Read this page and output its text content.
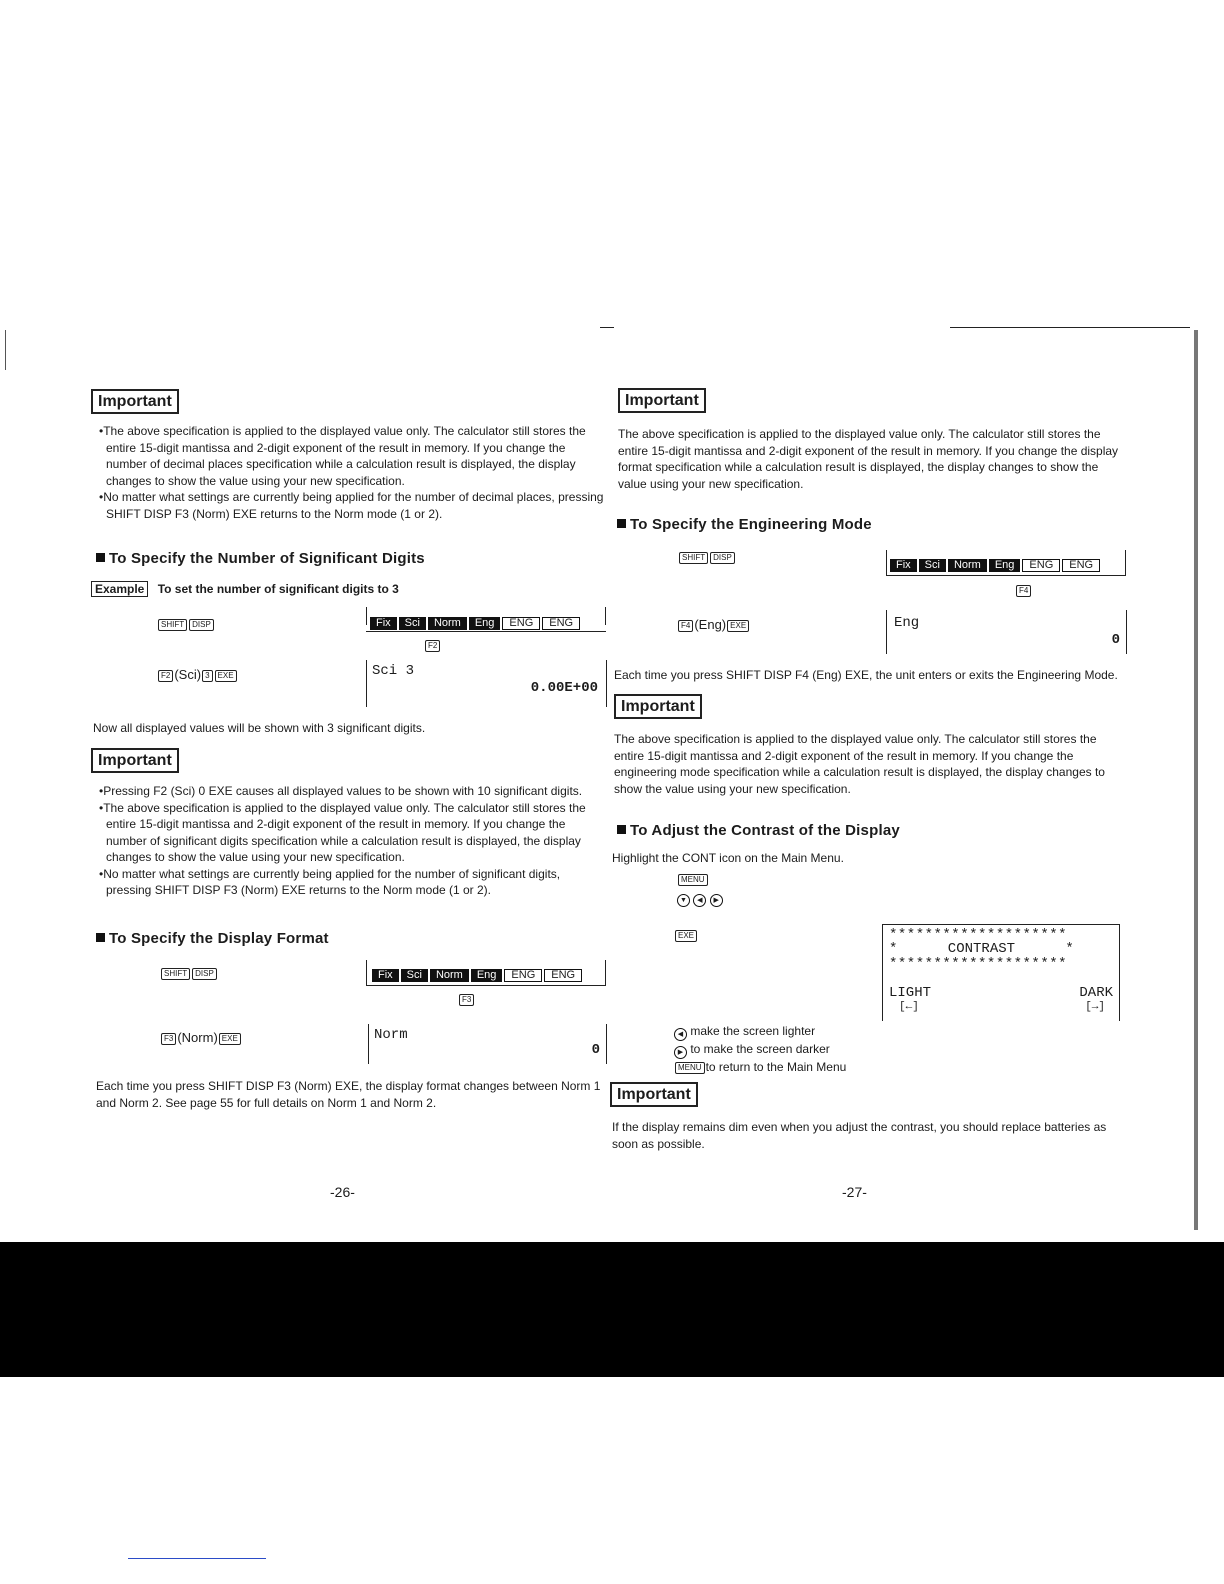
Important
• The above specification is applied to the displayed value only. The calculator still stores the entire 15-digit mantissa and 2-digit exponent of the result in memory. If you change the number of decimal places specification while a calculation result is displayed, the display changes to show the value using your new specification.
• No matter what settings are currently being applied for the number of decimal places, pressing SHIFT DISP F3 (Norm) EXE returns to the Norm mode (1 or 2).
To Specify the Number of Significant Digits
Example To set the number of significant digits to 3
SHIFT DISP	Fix	Sci	Norm	Eng	ENG	ENG
F2
F2 (Sci) 3 EXE	Sci 3
0.00E+00
Now all displayed values will be shown with 3 significant digits.
Important
• Pressing F2 (Sci) 0 EXE causes all displayed values to be shown with 10 significant digits.
• The above specification is applied to the displayed value only. The calculator still stores the entire 15-digit mantissa and 2-digit exponent of the result in memory. If you change the number of significant digits specification while a calculation result is displayed, the display changes to show the value using your new specification.
• No matter what settings are currently being applied for the number of significant digits, pressing SHIFT DISP F3 (Norm) EXE returns to the Norm mode (1 or 2).
To Specify the Display Format
SHIFT DISP	Fix	Sci	Norm	Eng	ENG	ENG
F3
F3 (Norm) EXE	Norm
0
Each time you press SHIFT DISP F3 (Norm) EXE, the display format changes between Norm 1 and Norm 2. See page 55 for full details on Norm 1 and Norm 2.
-26-
Important
The above specification is applied to the displayed value only. The calculator still stores the entire 15-digit mantissa and 2-digit exponent of the result in memory. If you change the display format specification while a calculation result is displayed, the display changes to show the value using your new specification.
To Specify the Engineering Mode
SHIFT DISP
Fix	Sci	Norm	Eng	ENG	ENG
F4
F4 (Eng) EXE	Eng
0
Each time you press SHIFT DISP F4 (Eng) EXE, the unit enters or exits the Engineering Mode.
Important
The above specification is applied to the displayed value only. The calculator still stores the entire 15-digit mantissa and 2-digit exponent of the result in memory. If you change the engineering mode specification while a calculation result is displayed, the display changes to show the value using your new specification.
To Adjust the Contrast of the Display
Highlight the CONT icon on the Main Menu.
MENU
▼ ◀ ▶
EXE	********************
*      CONTRAST      *
********************
LIGHT	DARK
[←]	[→]
◀ make the screen lighter
▶ to make the screen darker
MENU to return to the Main Menu
Important
If the display remains dim even when you adjust the contrast, you should replace batteries as soon as possible.
-27-
